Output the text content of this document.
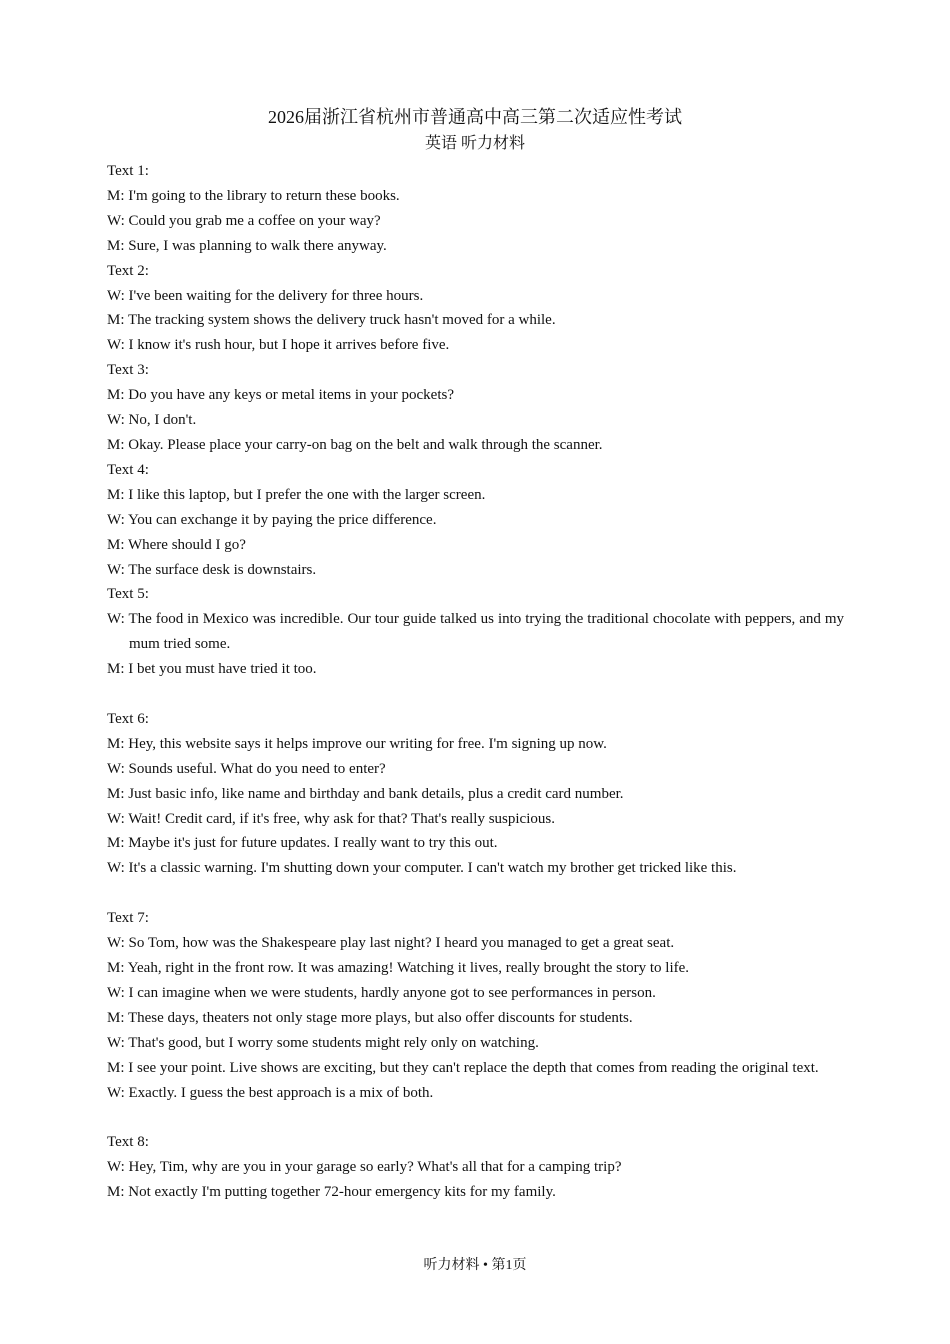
2026届浙江省杭州市普通高中高三第二次适应性考试
英语 听力材料

Text 1:

M: I'm going to the library to return these books.

W: Could you grab me a coffee on your way?

M: Sure, I was planning to walk there anyway.

Text 2:

W: I've been waiting for the delivery for three hours.

M: The tracking system shows the delivery truck hasn't moved for a while.

W: I know it's rush hour, but I hope it arrives before five.

Text 3:

M: Do you have any keys or metal items in your pockets?

W: No, I don't.

M: Okay. Please place your carry-on bag on the belt and walk through the scanner.

Text 4:

M: I like this laptop, but I prefer the one with the larger screen.

W: You can exchange it by paying the price difference.

M: Where should I go?

W: The surface desk is downstairs.

Text 5:

W: The food in Mexico was incredible. Our tour guide talked us into trying the traditional chocolate with peppers, and my mum tried some.

M: I bet you must have tried it too.

Text 6:

M: Hey, this website says it helps improve our writing for free. I'm signing up now.

W: Sounds useful. What do you need to enter?

M: Just basic info, like name and birthday and bank details, plus a credit card number.

W: Wait! Credit card, if it's free, why ask for that? That's really suspicious.

M: Maybe it's just for future updates. I really want to try this out.

W: It's a classic warning. I'm shutting down your computer. I can't watch my brother get tricked like this.

Text 7:

W: So Tom, how was the Shakespeare play last night? I heard you managed to get a great seat.

M: Yeah, right in the front row. It was amazing! Watching it lives, really brought the story to life.

W: I can imagine when we were students, hardly anyone got to see performances in person.

M: These days, theaters not only stage more plays, but also offer discounts for students.

W: That's good, but I worry some students might rely only on watching.

M: I see your point. Live shows are exciting, but they can't replace the depth that comes from reading the original text.

W: Exactly. I guess the best approach is a mix of both.

Text 8:

W: Hey, Tim, why are you in your garage so early? What's all that for a camping trip?

M: Not exactly I'm putting together 72-hour emergency kits for my family.

听力材料 • 第1页
